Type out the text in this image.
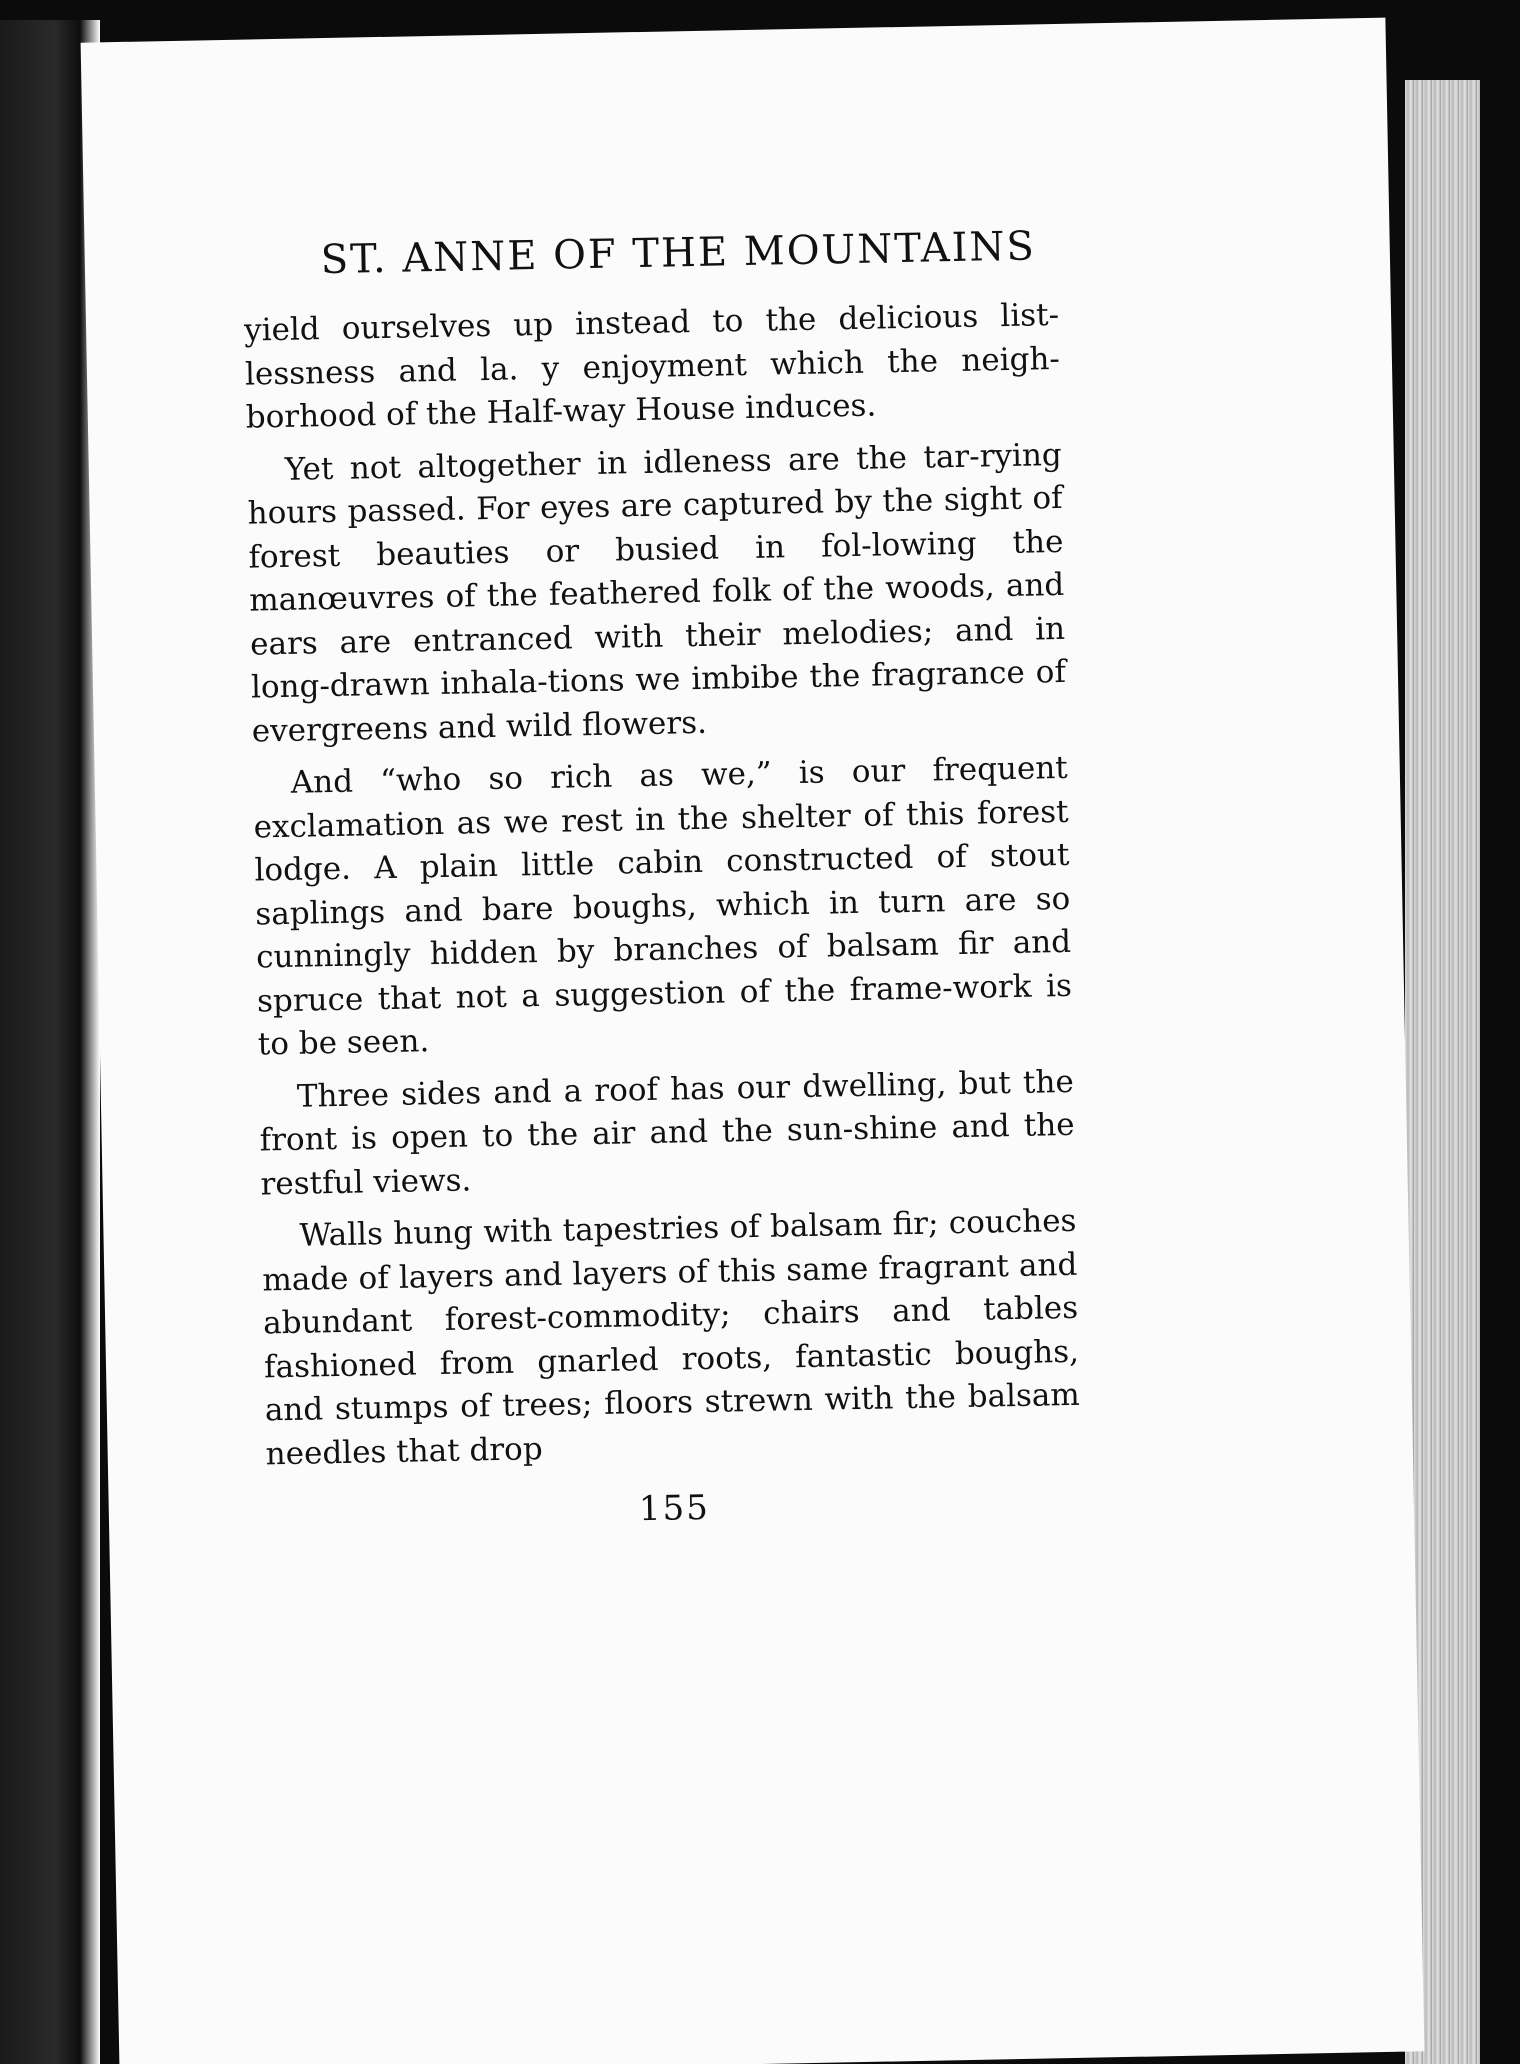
ST. ANNE OF THE MOUNTAINS

yield ourselves up instead to the delicious list-lessness and la. y enjoyment which the neigh-borhood of the Half-way House induces.

Yet not altogether in idleness are the tar-rying hours passed. For eyes are captured by the sight of forest beauties or busied in fol-lowing the manœuvres of the feathered folk of the woods, and ears are entranced with their melodies; and in long-drawn inhala-tions we imbibe the fragrance of evergreens and wild flowers.

And “who so rich as we,” is our frequent exclamation as we rest in the shelter of this forest lodge. A plain little cabin constructed of stout saplings and bare boughs, which in turn are so cunningly hidden by branches of balsam fir and spruce that not a suggestion of the frame-work is to be seen.

Three sides and a roof has our dwelling, but the front is open to the air and the sun-shine and the restful views.

Walls hung with tapestries of balsam fir; couches made of layers and layers of this same fragrant and abundant forest-commodity; chairs and tables fashioned from gnarled roots, fantastic boughs, and stumps of trees; floors strewn with the balsam needles that drop

155
